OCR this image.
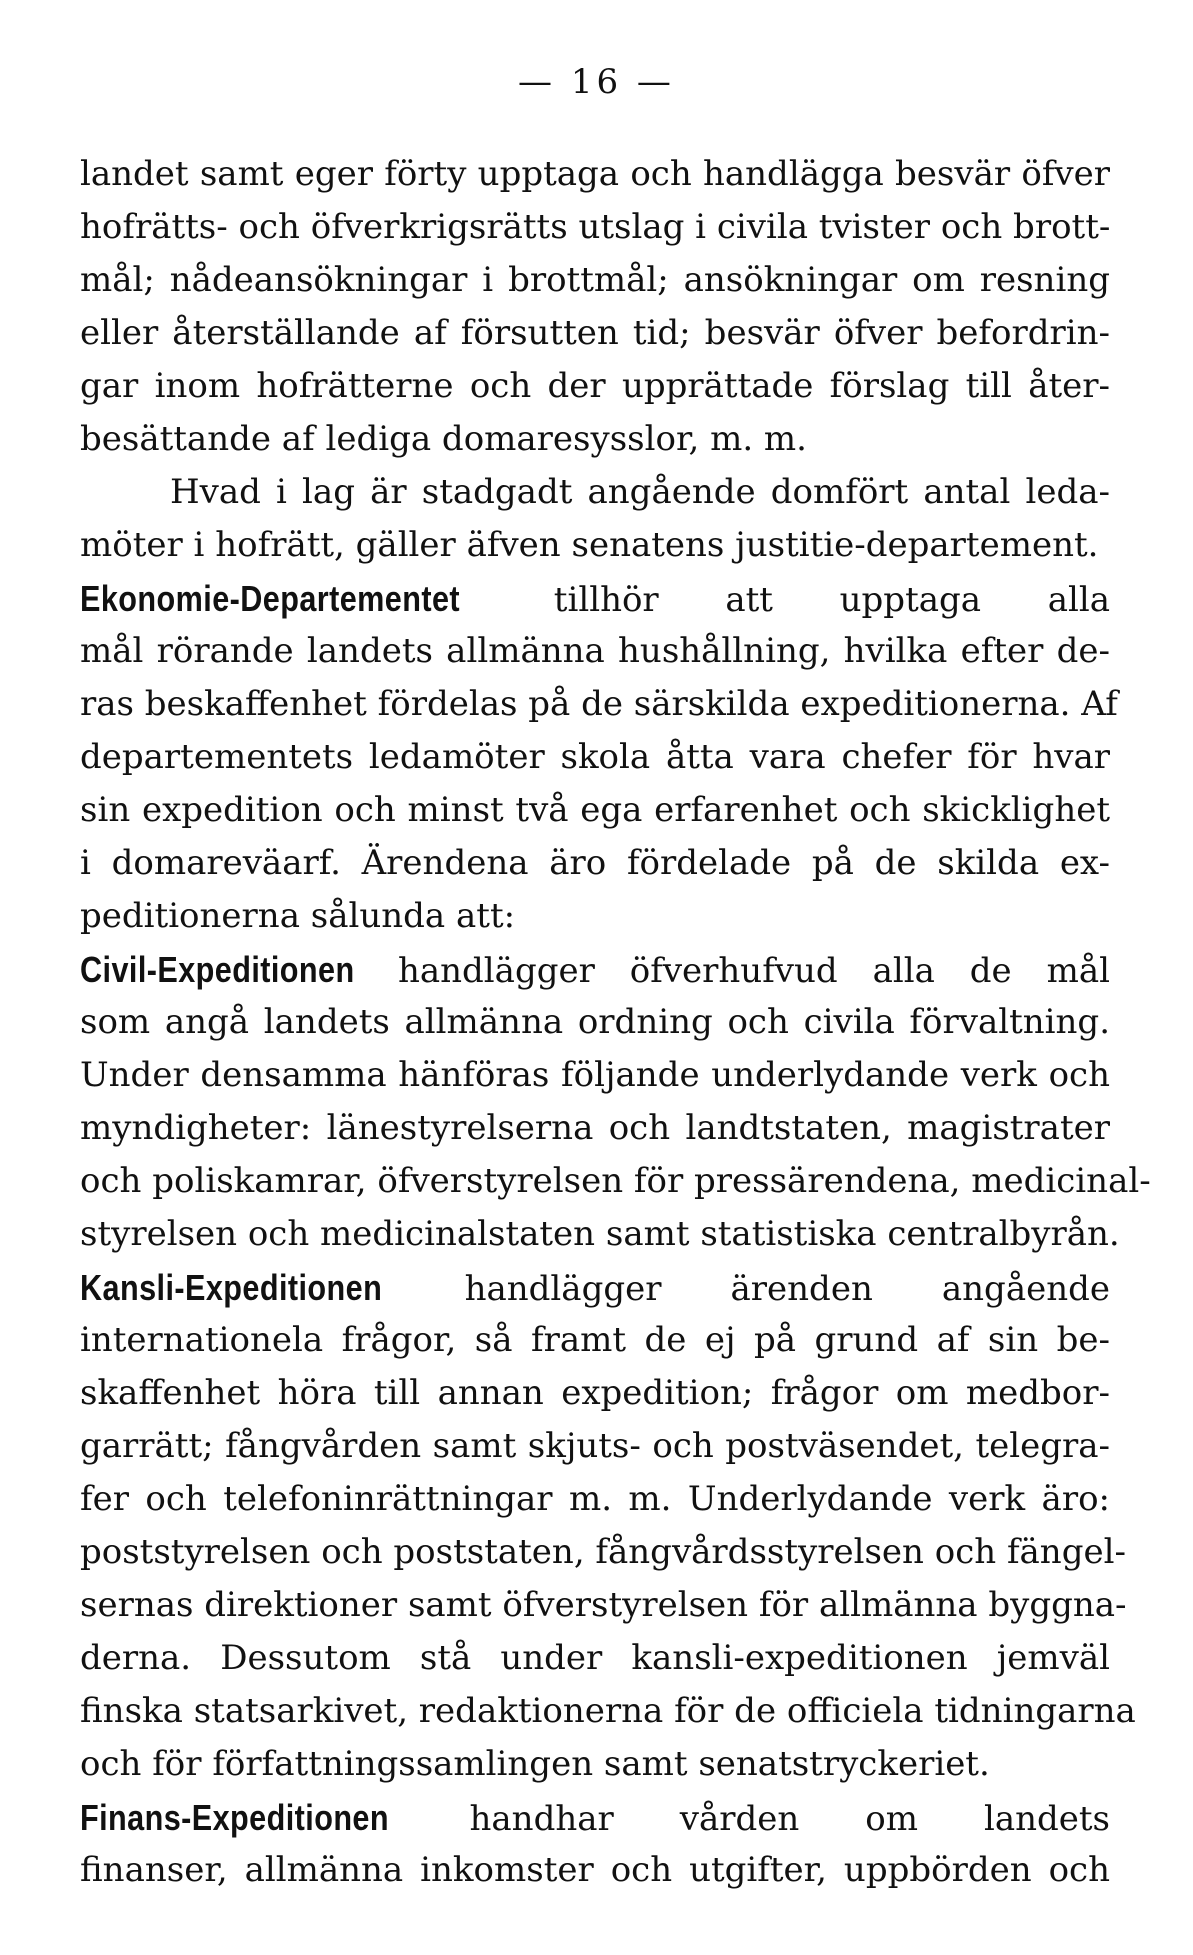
— 16 —
landet samt eger förty upptaga och handlägga besvär öfver
hofrätts- och öfverkrigsrätts utslag i civila tvister och brott-
mål; nådeansökningar i brottmål; ansökningar om resning
eller återställande af försutten tid; besvär öfver befordrin-
gar inom hofrätterne och der upprättade förslag till åter-
besättande af lediga domaresysslor, m. m.
Hvad i lag är stadgadt angående domfört antal leda-
möter i hofrätt, gäller äfven senatens justitie-departement.
Ekonomie-Departementet tillhör att upptaga alla
mål rörande landets allmänna hushållning, hvilka efter de-
ras beskaffenhet fördelas på de särskilda expeditionerna. Af
departementets ledamöter skola åtta vara chefer för hvar
sin expedition och minst två ega erfarenhet och skicklighet
i domareväarf. Ärendena äro fördelade på de skilda ex-
peditionerna sålunda att:
Civil-Expeditionen handlägger öfverhufvud alla de mål
som angå landets allmänna ordning och civila förvaltning.
Under densamma hänföras följande underlydande verk och
myndigheter: länestyrelserna och landtstaten, magistrater
och poliskamrar, öfverstyrelsen för pressärendena, medicinal-
styrelsen och medicinalstaten samt statistiska centralbyrån.
Kansli-Expeditionen handlägger ärenden angående
internationela frågor, så framt de ej på grund af sin be-
skaffenhet höra till annan expedition; frågor om medbor-
garrätt; fångvården samt skjuts- och postväsendet, telegra-
fer och telefoninrättningar m. m. Underlydande verk äro:
poststyrelsen och poststaten, fångvårdsstyrelsen och fängel-
sernas direktioner samt öfverstyrelsen för allmänna byggna-
derna. Dessutom stå under kansli-expeditionen jemväl
finska statsarkivet, redaktionerna för de officiela tidningarna
och för författningssamlingen samt senatstryckeriet.
Finans-Expeditionen handhar vården om landets
finanser, allmänna inkomster och utgifter, uppbörden och
